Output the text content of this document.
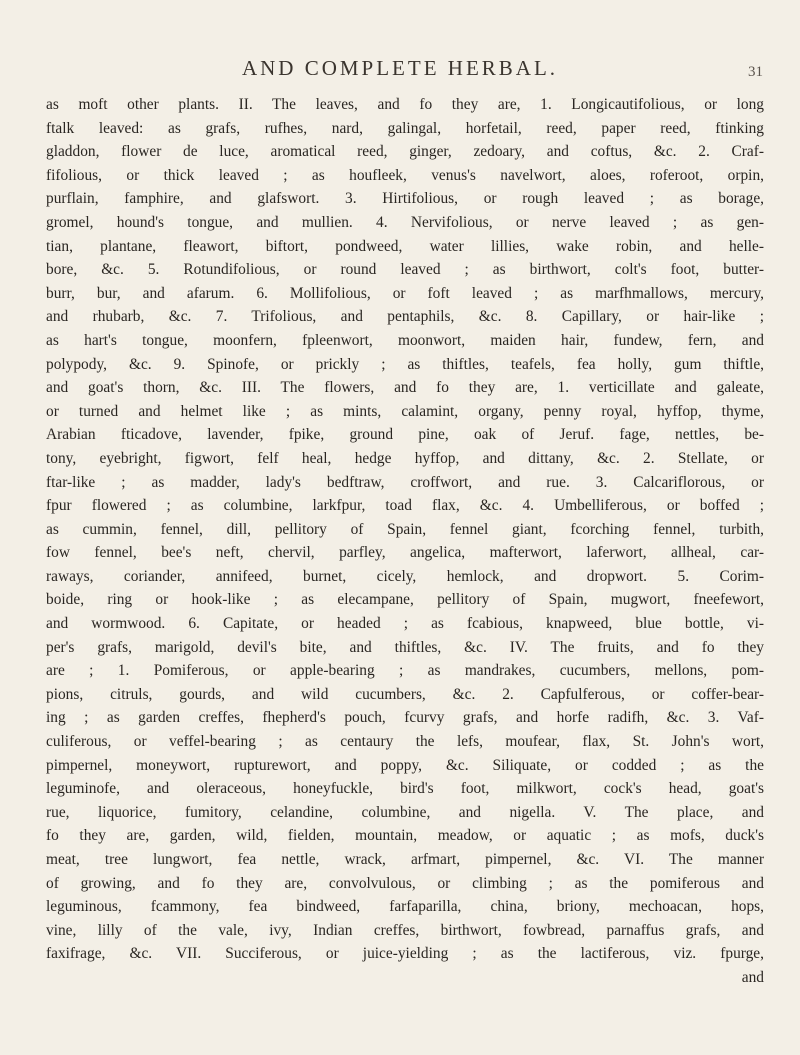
AND COMPLETE HERBAL.	31
as moft other plants. II. The leaves, and fo they are, 1. Longicautifolious, or long
ftalk leaved: as grafs, rufhes, nard, galingal, horfetail, reed, paper reed, ftinking
gladdon, flower de luce, aromatical reed, ginger, zedoary, and coftus, &c. 2. Craf-
fifolious, or thick leaved ; as houfleek, venus's navelwort, aloes, roferoot, orpin,
purflain, famphire, and glafswort. 3. Hirtifolious, or rough leaved ; as borage,
gromel, hound's tongue, and mullien. 4. Nervifolious, or nerve leaved ; as gen-
tian, plantane, fleawort, biftort, pondweed, water lillies, wake robin, and helle-
bore, &c. 5. Rotundifolious, or round leaved ; as birthwort, colt's foot, butter-
burr, bur, and afarum. 6. Mollifolious, or foft leaved ; as marfhmallows, mercury,
and rhubarb, &c. 7. Trifolious, and pentaphils, &c. 8. Capillary, or hair-like ;
as hart's tongue, moonfern, fpleenwort, moonwort, maiden hair, fundew, fern, and
polypody, &c. 9. Spinofe, or prickly ; as thiftles, teafels, fea holly, gum thiftle,
and goat's thorn, &c. III. The flowers, and fo they are, 1. verticillate and galeate,
or turned and helmet like ; as mints, calamint, organy, penny royal, hyffop, thyme,
Arabian fticadove, lavender, fpike, ground pine, oak of Jeruf. fage, nettles, be-
tony, eyebright, figwort, felf heal, hedge hyffop, and dittany, &c. 2. Stellate, or
ftar-like ; as madder, lady's bedftraw, croffwort, and rue. 3. Calcariflorous, or
fpur flowered ; as columbine, larkfpur, toad flax, &c. 4. Umbelliferous, or boffed ;
as cummin, fennel, dill, pellitory of Spain, fennel giant, fcorching fennel, turbith,
fow fennel, bee's neft, chervil, parfley, angelica, mafterwort, laferwort, allheal, car-
raways, coriander, annifeed, burnet, cicely, hemlock, and dropwort. 5. Corim-
boide, ring or hook-like ; as elecampane, pellitory of Spain, mugwort, fneefewort,
and wormwood. 6. Capitate, or headed ; as fcabious, knapweed, blue bottle, vi-
per's grafs, marigold, devil's bite, and thiftles, &c. IV. The fruits, and fo they
are ; 1. Pomiferous, or apple-bearing ; as mandrakes, cucumbers, mellons, pom-
pions, citruls, gourds, and wild cucumbers, &c. 2. Capfulferous, or coffer-bear-
ing ; as garden creffes, fhepherd's pouch, fcurvy grafs, and horfe radifh, &c. 3. Vaf-
culiferous, or veffel-bearing ; as centaury the lefs, moufear, flax, St. John's wort,
pimpernel, moneywort, rupturewort, and poppy, &c. Siliquate, or codded ; as the
leguminofe, and oleraceous, honeyfuckle, bird's foot, milkwort, cock's head, goat's
rue, liquorice, fumitory, celandine, columbine, and nigella. V. The place, and
fo they are, garden, wild, fielden, mountain, meadow, or aquatic ; as mofs, duck's
meat, tree lungwort, fea nettle, wrack, arfmart, pimpernel, &c. VI. The manner
of growing, and fo they are, convolvulous, or climbing ; as the pomiferous and
leguminous, fcammony, fea bindweed, farfaparilla, china, briony, mechoacan, hops,
vine, lilly of the vale, ivy, Indian creffes, birthwort, fowbread, parnaffus grafs, and
faxifrage, &c. VII. Succiferous, or juice-yielding ; as the lactiferous, viz. fpurge,
and
